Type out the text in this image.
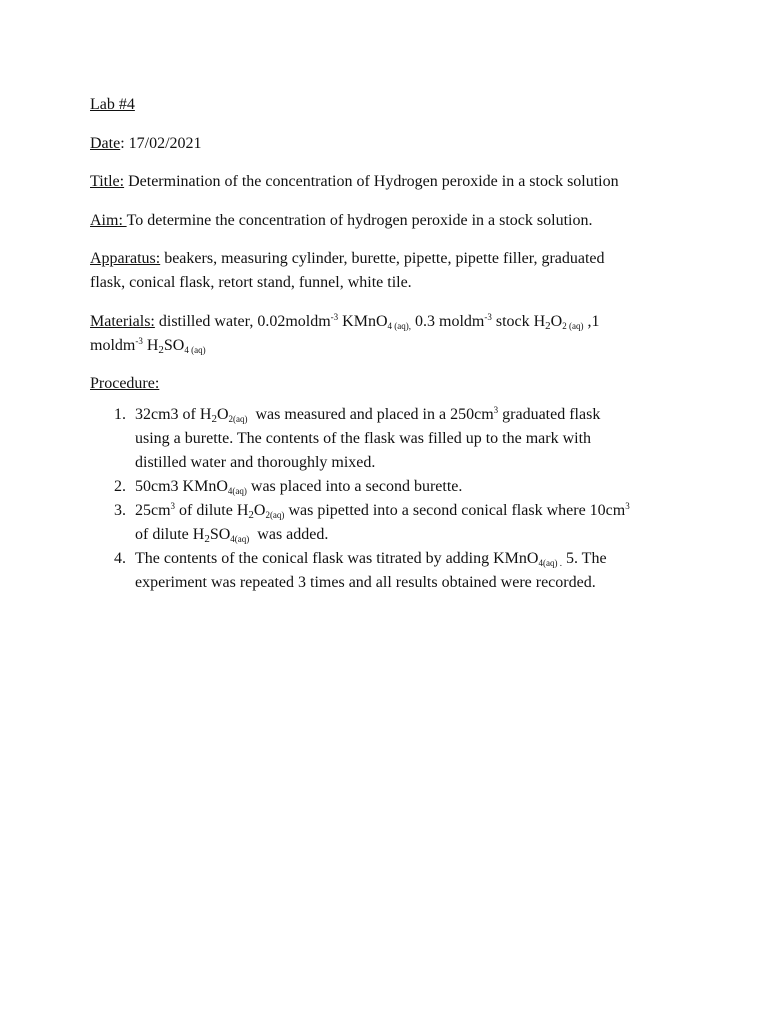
Lab #4

Date: 17/02/2021

Title: Determination of the concentration of Hydrogen peroxide in a stock solution

Aim: To determine the concentration of hydrogen peroxide in a stock solution.

Apparatus: beakers, measuring cylinder, burette, pipette, pipette filler, graduated
flask, conical flask, retort stand, funnel, white tile.

Materials: distilled water, 0.02moldm$^{-3}$ KMnO$_{4 (aq),}$ 0.3 moldm$^{-3}$ stock $H_2O_{2 (aq)}$ ,1
moldm$^{-3}$ $H_2SO_{4 (aq)}$

Procedure:

1. 32cm3 of $H_2O_{2(aq)}$  was measured and placed in a $250cm^3$ graduated flask
using a burette. The contents of the flask was filled up to the mark with
distilled water and thoroughly mixed.
2. 50cm3 KMnO$_{4(aq)}$ was placed into a second burette.
3. $25cm^3$ of dilute $H_2O_{2(aq)}$ was pipetted into a second conical flask where $10cm^3$
of dilute $H_2SO_{4(aq)}$  was added.
4. The contents of the conical flask was titrated by adding KMnO$_{4(aq) .}$ 5. The
experiment was repeated 3 times and all results obtained were recorded.
